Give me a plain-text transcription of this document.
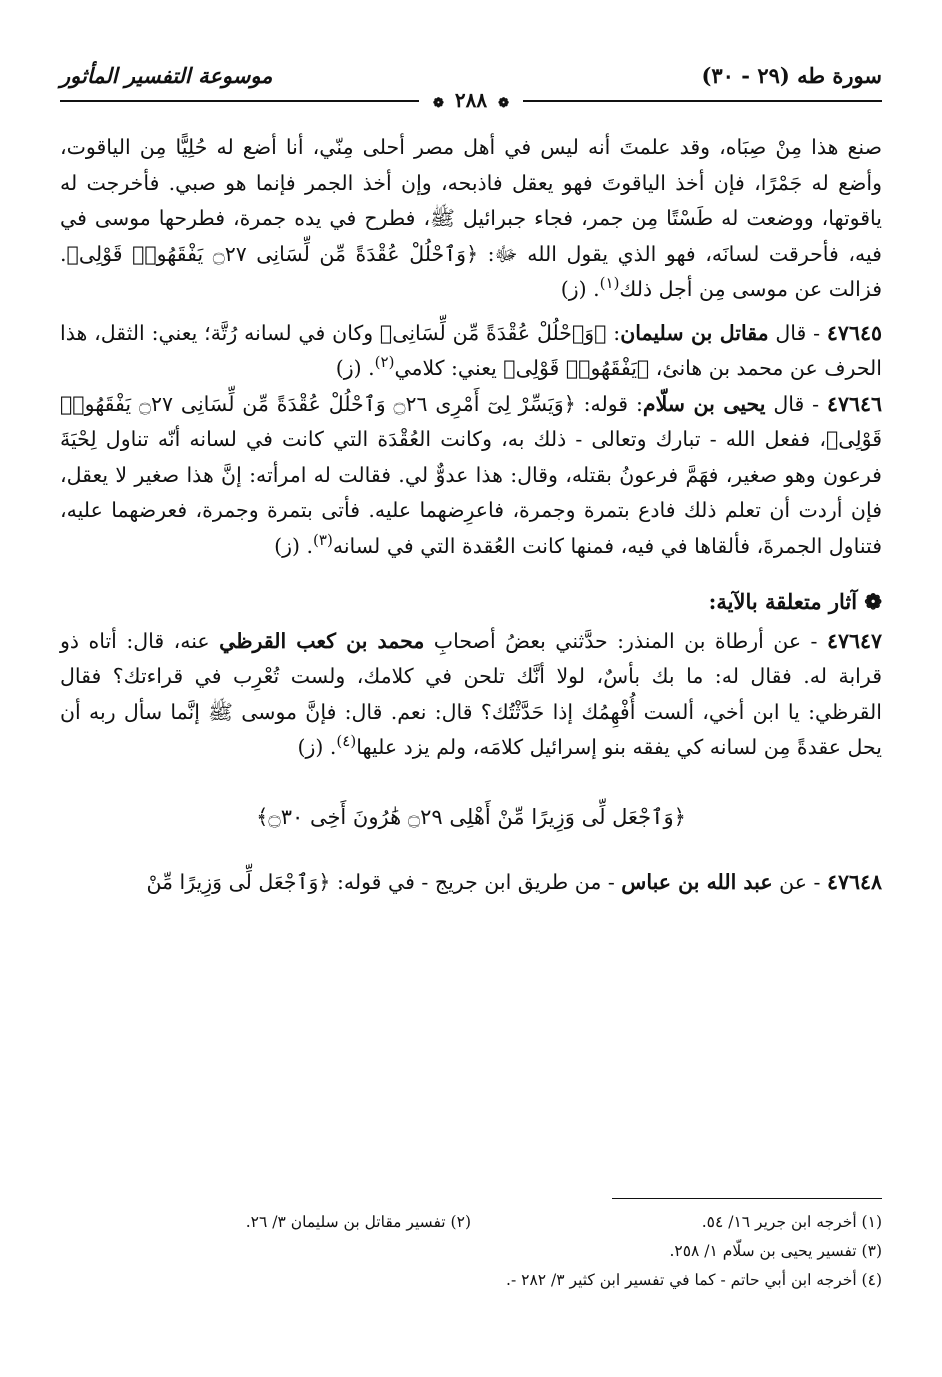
سورة طه (٢٩ - ٣٠)
موسوعة التفسير المأثور
❁ ٢٨٨ ❁

صنع هذا مِنْ صِبَاه، وقد علمتَ أنه ليس في أهل مصر أحلى مِنّي، أنا أضع له حُلِيًّا مِن الياقوت، وأضع له جَمْرًا، فإن أخذ الياقوتَ فهو يعقل فاذبحه، وإن أخذ الجمر فإنما هو صبي. فأخرجت له ياقوتها، ووضعت له طَسْتًا مِن جمر، فجاء جبرائيل ﷺ، فطرح في يده جمرة، فطرحها موسى في فيه، فأحرقت لسانَه، فهو الذي يقول الله ﷻ: ﴿وَٱحْلُلْ عُقْدَةً مِّن لِّسَانِى ۝٢٧ يَفْقَهُوا۟ قَوْلِى﴾. فزالت عن موسى مِن أجل ذلك$^{(١)}$. (ز)

٤٧٦٤٥ - قال مقاتل بن سليمان: ﴿وَٱحْلُلْ عُقْدَةً مِّن لِّسَانِى﴾ وكان في لسانه رُتَّة؛ يعني: الثقل، هذا الحرف عن محمد بن هانئ، ﴿يَفْقَهُوا۟ قَوْلِى﴾ يعني: كلامي$^{(٢)}$. (ز)

٤٧٦٤٦ - قال يحيى بن سلّام: قوله: ﴿وَيَسِّرْ لِىٓ أَمْرِى ۝٢٦ وَٱحْلُلْ عُقْدَةً مِّن لِّسَانِى ۝٢٧ يَفْقَهُوا۟ قَوْلِى﴾، ففعل الله - تبارك وتعالى - ذلك به، وكانت العُقْدَة التي كانت في لسانه أنّه تناول لِحْيَةَ فرعون وهو صغير، فهَمَّ فرعونُ بقتله، وقال: هذا عدوٌّ لي. فقالت له امرأته: إنَّ هذا صغير لا يعقل، فإن أردت أن تعلم ذلك فادع بتمرة وجمرة، فاعرِضهما عليه. فأتى بتمرة وجمرة، فعرضهما عليه، فتناول الجمرةَ، فألقاها في فيه، فمنها كانت العُقدة التي في لسانه$^{(٣)}$. (ز)

❁ آثار متعلقة بالآية:

٤٧٦٤٧ - عن أرطاة بن المنذر: حدَّثني بعضُ أصحابِ محمد بن كعب القرظي عنه، قال: أتاه ذو قرابة له. فقال له: ما بك بأسٌ، لولا أنَّك تلحن في كلامك، ولست تُعْرِب في قراءتك؟ فقال القرظي: يا ابن أخي، ألست أُفْهِمُك إذا حَدَّثْتُك؟ قال: نعم. قال: فإنَّ موسى ﷺ إنَّما سأل ربه أن يحل عقدةً مِن لسانه كي يفقه بنو إسرائيل كلامَه، ولم يزد عليها$^{(٤)}$. (ز)

﴿وَٱجْعَل لِّى وَزِيرًا مِّنْ أَهْلِى ۝٢٩ هَٰرُونَ أَخِى ۝٣٠﴾

٤٧٦٤٨ - عن عبد الله بن عباس - من طريق ابن جريج - في قوله: ﴿وَٱجْعَل لِّى وَزِيرًا مِّنْ

(١) أخرجه ابن جرير ١٦/ ٥٤.
(٢) تفسير مقاتل بن سليمان ٣/ ٢٦.
(٣) تفسير يحيى بن سلّام ١/ ٢٥٨.
(٤) أخرجه ابن أبي حاتم - كما في تفسير ابن كثير ٣/ ٢٨٢ -.
